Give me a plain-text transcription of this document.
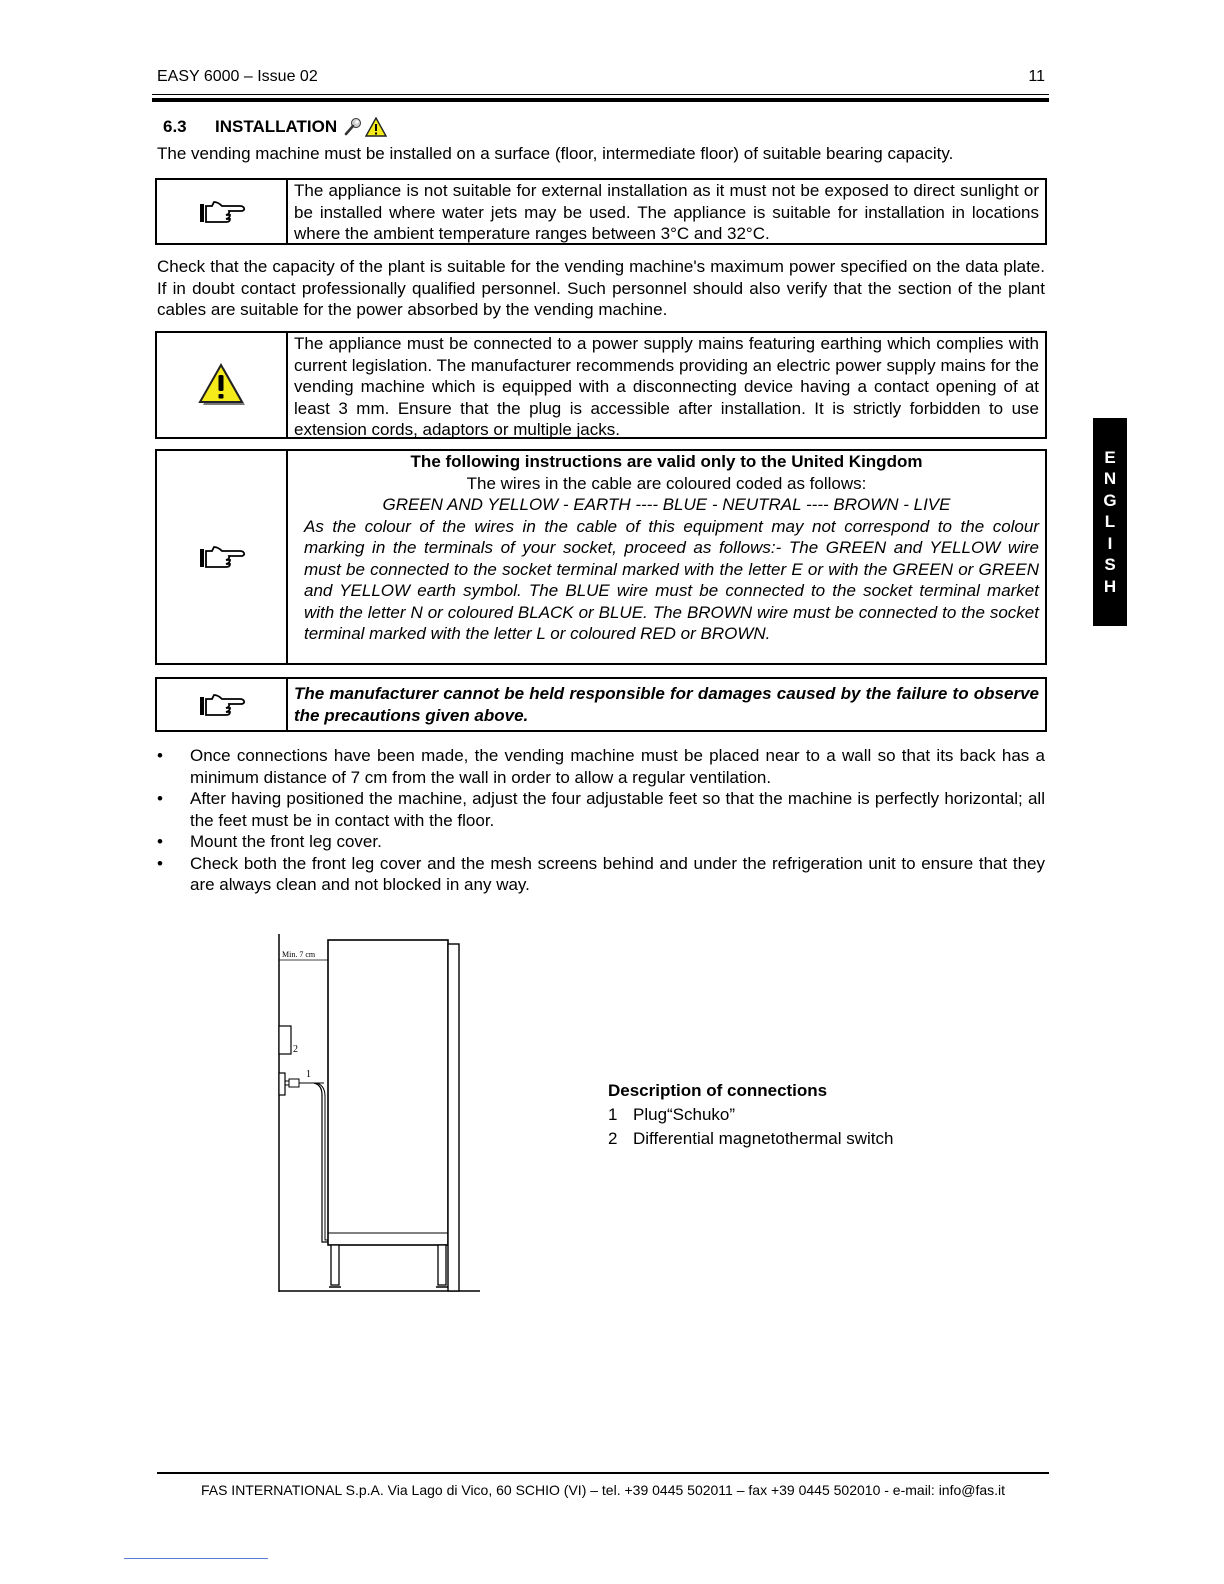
EASY 6000 – Issue 02	11
6.3	INSTALLATION
The vending machine must be installed on a surface (floor, intermediate floor) of suitable bearing capacity.
The appliance is not suitable for external installation as it must not be exposed to direct sunlight or be installed where water jets may be used. The appliance is suitable for installation in locations where the ambient temperature ranges between 3°C and 32°C.
Check that the capacity of the plant is suitable for the vending machine's maximum power specified on the data plate. If in doubt contact professionally qualified personnel. Such personnel should also verify that the section of the plant cables are suitable for the power absorbed by the vending machine.
The appliance must be connected to a power supply mains featuring earthing which complies with current legislation. The manufacturer recommends providing an electric power supply mains for the vending machine which is equipped with a disconnecting device having a contact opening of at least 3 mm. Ensure that the plug is accessible after installation. It is strictly forbidden to use extension cords, adaptors or multiple jacks.
The following instructions are valid only to the United Kingdom
The wires in the cable are coloured coded as follows:
GREEN AND YELLOW - EARTH ---- BLUE - NEUTRAL ---- BROWN - LIVE
As the colour of the wires in the cable of this equipment may not correspond to the colour marking in the terminals of your socket, proceed as follows:- The GREEN and YELLOW wire must be connected to the socket terminal marked with the letter E or with the GREEN or GREEN and YELLOW earth symbol. The BLUE wire must be connected to the socket terminal market with the letter N or coloured BLACK or BLUE. The BROWN wire must be connected to the socket terminal marked with the letter L or coloured RED or BROWN.
The manufacturer cannot be held responsible for damages caused by the failure to observe the precautions given above.
• Once connections have been made, the vending machine must be placed near to a wall so that its back has a minimum distance of 7 cm from the wall in order to allow a regular ventilation.
• After having positioned the machine, adjust the four adjustable feet so that the machine is perfectly horizontal; all the feet must be in contact with the floor.
• Mount the front leg cover.
• Check both the front leg cover and the mesh screens behind and under the refrigeration unit to ensure that they are always clean and not blocked in any way.
Min. 7 cm
2
1
Description of connections
1 Plug“Schuko”
2 Differential magnetothermal switch
E
N
G
L
I
S
H
FAS INTERNATIONAL S.p.A. Via Lago di Vico, 60 SCHIO (VI) – tel. +39 0445 502011 – fax +39 0445 502010 - e-mail: info@fas.it
